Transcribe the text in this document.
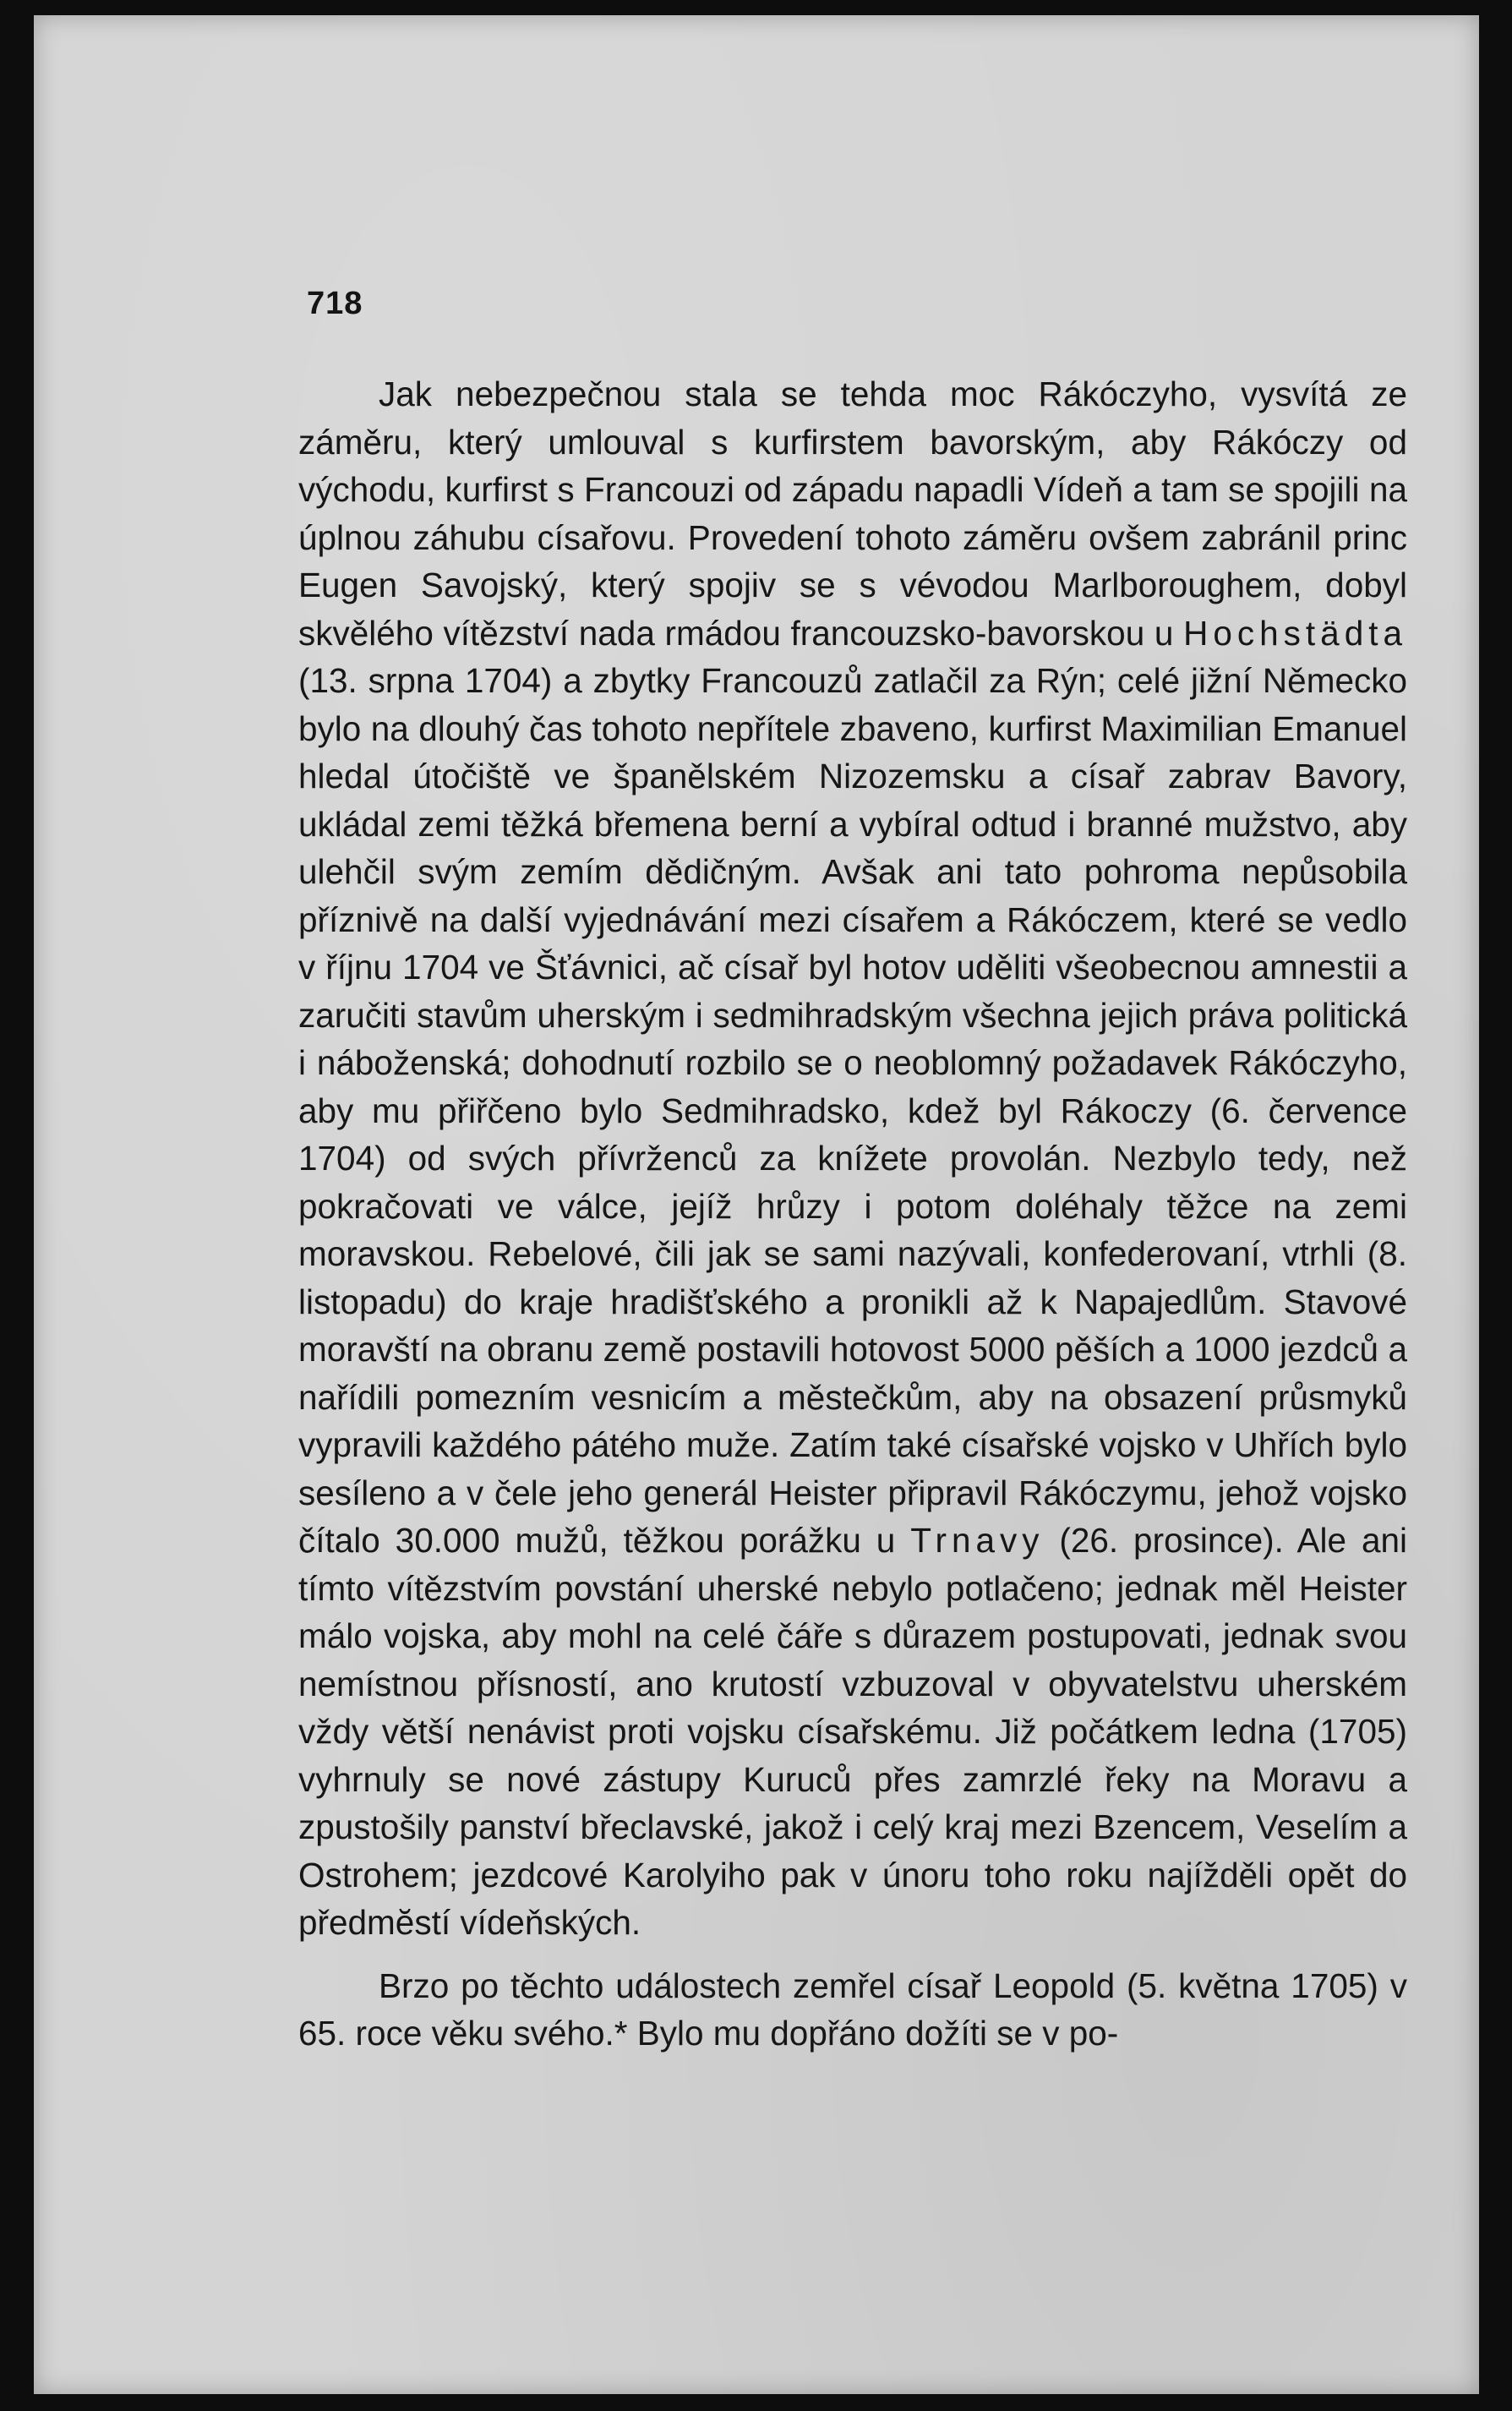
718

Jak nebezpečnou stala se tehda moc Rákóczyho, vysvítá ze záměru, který umlouval s kurfirstem bavorským, aby Rákóczy od východu, kurfirst s Francouzi od západu napadli Vídeň a tam se spojili na úplnou záhubu císařovu. Provedení tohoto záměru ovšem zabránil princ Eugen Savojský, který spojiv se s vévodou Marlboroughem, dobyl skvělého vítězství nada rmádou francouzsko-bavorskou u Hochstädta (13. srpna 1704) a zbytky Francouzů zatlačil za Rýn; celé jižní Německo bylo na dlouhý čas tohoto nepřítele zbaveno, kurfirst Maximilian Emanuel hledal útočiště ve španělském Nizozemsku a císař zabrav Bavory, ukládal zemi těžká břemena berní a vybíral odtud i branné mužstvo, aby ulehčil svým zemím dědičným. Avšak ani tato pohroma nepůsobila příznivě na další vyjednávání mezi císařem a Rákóczem, které se vedlo v říjnu 1704 ve Šťávnici, ač císař byl hotov uděliti všeobecnou amnestii a zaručiti stavům uherským i sedmihradským všechna jejich práva politická i náboženská; dohodnutí rozbilo se o neoblomný požadavek Rákóczyho, aby mu přiřčeno bylo Sedmihradsko, kdež byl Rákoczy (6. července 1704) od svých přívrženců za knížete provolán. Nezbylo tedy, než pokračovati ve válce, jejíž hrůzy i potom doléhaly těžce na zemi moravskou. Rebelové, čili jak se sami nazývali, konfederovaní, vtrhli (8. listopadu) do kraje hradišťského a pronikli až k Napajedlům. Stavové moravští na obranu země postavili hotovost 5000 pěších a 1000 jezdců a nařídili pomezním vesnicím a městečkům, aby na obsazení průsmyků vypravili každého pátého muže. Zatím také císařské vojsko v Uhřích bylo sesíleno a v čele jeho generál Heister připravil Rákóczymu, jehož vojsko čítalo 30.000 mužů, těžkou porážku u Trnavy (26. prosince). Ale ani tímto vítězstvím povstání uherské nebylo potlačeno; jednak měl Heister málo vojska, aby mohl na celé čáře s důrazem postupovati, jednak svou nemístnou přísností, ano krutostí vzbuzoval v obyvatelstvu uherském vždy větší nenávist proti vojsku císařskému. Již počátkem ledna (1705) vyhrnuly se nové zástupy Kuruců přes zamrzlé řeky na Moravu a zpustošily panství břeclavské, jakož i celý kraj mezi Bzencem, Veselím a Ostrohem; jezdcové Karolyiho pak v únoru toho roku najížděli opět do předmĕstí vídeňských.

Brzo po těchto událostech zemřel císař Leopold (5. května 1705) v 65. roce věku svého.* Bylo mu dopřáno dožíti se v po-
